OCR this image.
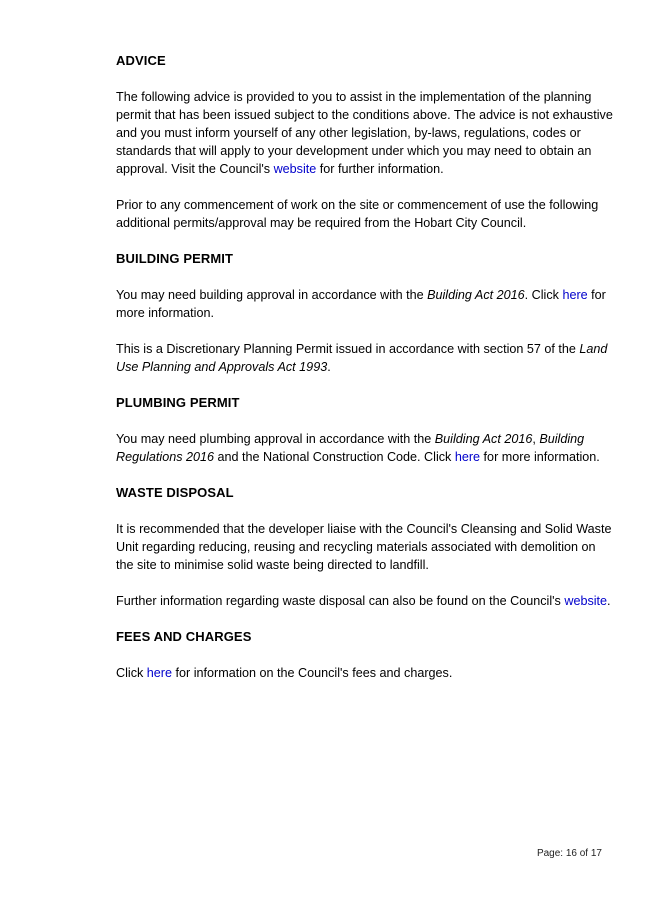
ADVICE

The following advice is provided to you to assist in the implementation of the planning permit that has been issued subject to the conditions above. The advice is not exhaustive and you must inform yourself of any other legislation, by-laws, regulations, codes or standards that will apply to your development under which you may need to obtain an approval. Visit the Council's website for further information.

Prior to any commencement of work on the site or commencement of use the following additional permits/approval may be required from the Hobart City Council.

BUILDING PERMIT

You may need building approval in accordance with the Building Act 2016. Click here for more information.

This is a Discretionary Planning Permit issued in accordance with section 57 of the Land Use Planning and Approvals Act 1993.

PLUMBING PERMIT

You may need plumbing approval in accordance with the Building Act 2016, Building Regulations 2016 and the National Construction Code. Click here for more information.

WASTE DISPOSAL

It is recommended that the developer liaise with the Council's Cleansing and Solid Waste Unit regarding reducing, reusing and recycling materials associated with demolition on the site to minimise solid waste being directed to landfill.

Further information regarding waste disposal can also be found on the Council's website.

FEES AND CHARGES

Click here for information on the Council's fees and charges.

Page: 16 of 17
